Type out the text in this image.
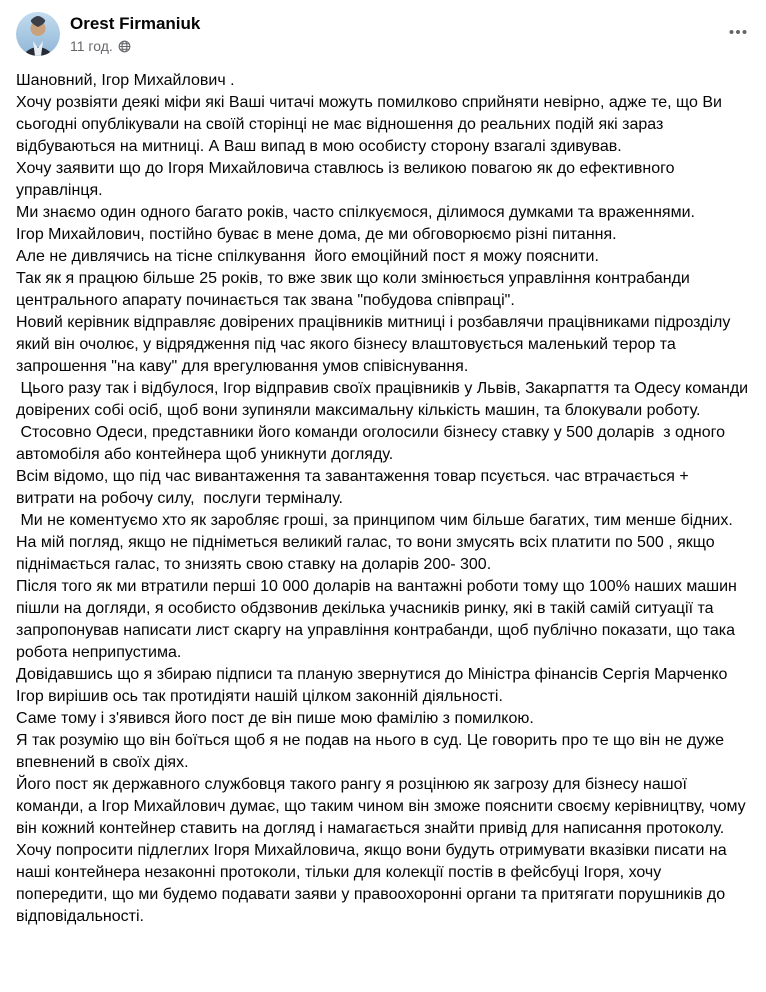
Orest Firmaniuk
11 год.
Шановний, Ігор Михайлович .
Хочу розвіяти деякі міфи які Ваші читачі можуть помилково сприйняти невірно, адже те, що Ви сьогодні опублікували на своїй сторінці не має відношення до реальних подій які зараз відбуваються на митниці. А Ваш випад в мою особисту сторону взагалі здивував.
Хочу заявити що до Ігоря Михайловича ставлюсь із великою повагою як до ефективного управлінця.
Ми знаємо один одного багато років, часто спілкуємося, ділимося думками та враженнями.
Ігор Михайлович, постійно буває в мене дома, де ми обговорюємо різні питання.
Але не дивлячись на тісне спілкування  його емоційний пост я можу пояснити.
Так як я працюю більше 25 років, то вже звик що коли змінюється управління контрабанди центрального апарату починається так звана "побудова співпраці".
Новий керівник відправляє довірених працівників митниці і розбавлячи працівниками підрозділу який він очолює, у відрядження під час якого бізнесу влаштовується маленький терор та запрошення "на каву" для врегулювання умов співіснування.
Цього разу так і відбулося, Ігор відправив своїх працівників у Львів, Закарпаття та Одесу команди довірених собі осіб, щоб вони зупиняли максимальну кількість машин, та блокували роботу.
Стосовно Одеси, представники його команди оголосили бізнесу ставку у 500 доларів  з одного автомобіля або контейнера щоб уникнути догляду.
Всім відомо, що під час вивантаження та завантаження товар псується. час втрачається + витрати на робочу силу,  послуги терміналу.
Ми не коментуємо хто як заробляє гроші, за принципом чим більше багатих, тим менше бідних.
На мій погляд, якщо не підніметься великий галас, то вони змусять всіх платити по 500 , якщо піднімається галас, то знизять свою ставку на доларів 200- 300.
Після того як ми втратили перші 10 000 доларів на вантажні роботи тому що 100% наших машин пішли на догляди, я особисто обдзвонив декілька учасників ринку, які в такій самій ситуації та запропонував написати лист скаргу на управління контрабанди, щоб публічно показати, що така робота неприпустима.
Довідавшись що я збираю підписи та планую звернутися до Міністра фінансів Сергія Марченко Ігор вирішив ось так протидіяти нашій цілком законній діяльності.
Саме тому і з'явився його пост де він пише мою фамілію з помилкою.
Я так розумію що він боїться щоб я не подав на нього в суд. Це говорить про те що він не дуже впевнений в своїх діях.
Його пост як державного службовця такого рангу я розцінюю як загрозу для бізнесу нашої команди, а Ігор Михайлович думає, що таким чином він зможе пояснити своєму керівництву, чому він кожний контейнер ставить на догляд і намагається знайти привід для написання протоколу.
Хочу попросити підлеглих Ігоря Михайловича, якщо вони будуть отримувати вказівки писати на наші контейнера незаконні протоколи, тільки для колекції постів в фейсбуці Ігоря, хочу попередити, що ми будемо подавати заяви у правоохоронні органи та притягати порушників до відповідальності.
